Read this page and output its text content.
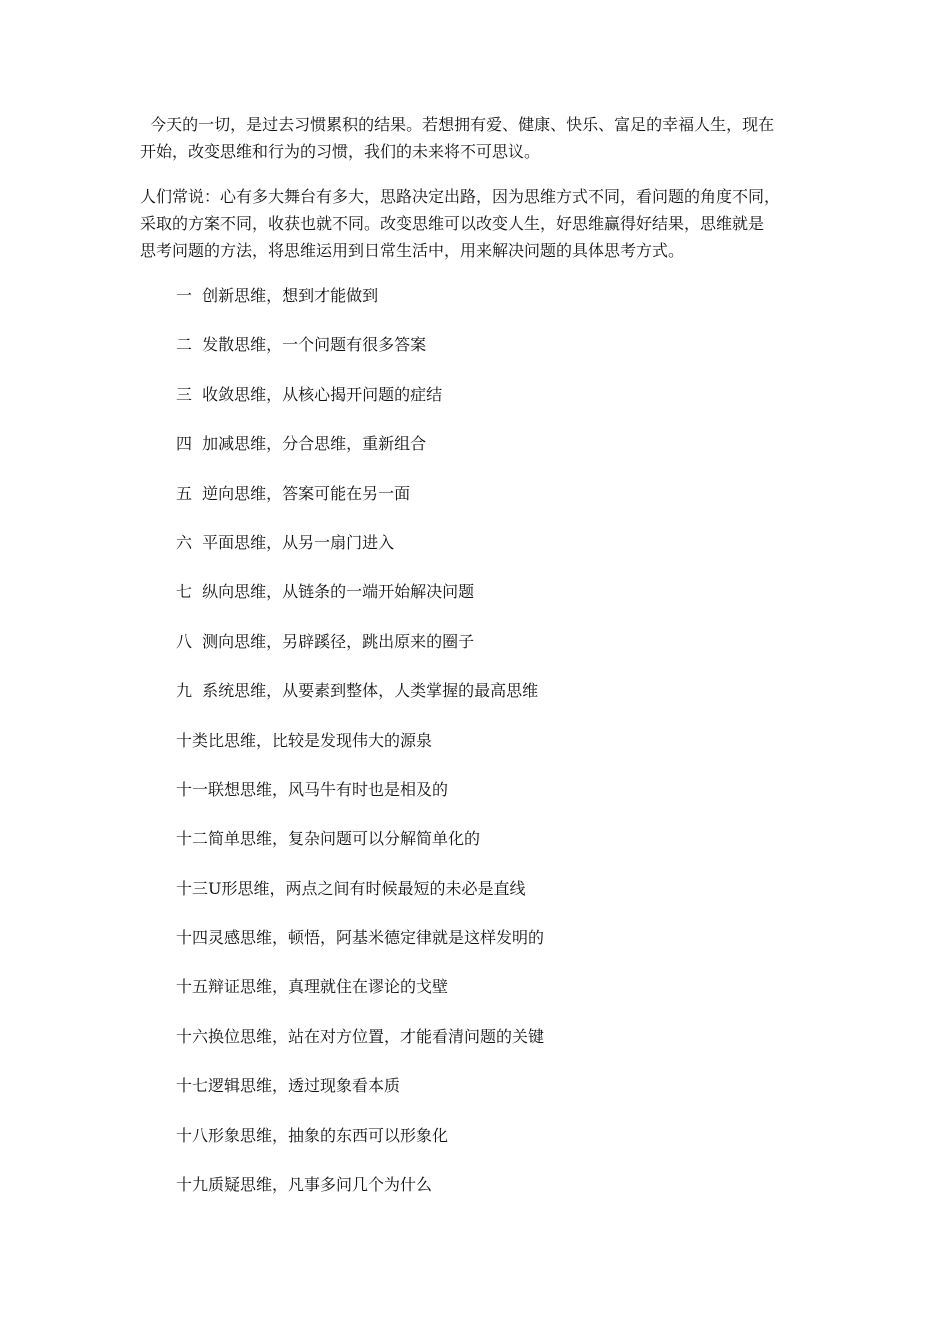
今天的一切，是过去习惯累积的结果。若想拥有爱、健康、快乐、富足的幸福人生，现在
开始，改变思维和行为的习惯，我们的未来将不可思议。

人们常说：心有多大舞台有多大，思路决定出路，因为思维方式不同，看问题的角度不同，
采取的方案不同，收获也就不同。改变思维可以改变人生，好思维赢得好结果，思维就是
思考问题的方法，将思维运用到日常生活中，用来解决问题的具体思考方式。

一  创新思维，想到才能做到
二  发散思维，一个问题有很多答案
三  收敛思维，从核心揭开问题的症结
四  加减思维，分合思维，重新组合
五  逆向思维，答案可能在另一面
六  平面思维，从另一扇门进入
七  纵向思维，从链条的一端开始解决问题
八  测向思维，另辟蹊径，跳出原来的圈子
九  系统思维，从要素到整体，人类掌握的最高思维
十类比思维，比较是发现伟大的源泉
十一联想思维，风马牛有时也是相及的
十二简单思维，复杂问题可以分解简单化的
十三U形思维，两点之间有时候最短的未必是直线
十四灵感思维，顿悟，阿基米德定律就是这样发明的
十五辩证思维，真理就住在谬论的戈壁
十六换位思维，站在对方位置，才能看清问题的关键
十七逻辑思维，透过现象看本质
十八形象思维，抽象的东西可以形象化
十九质疑思维，凡事多问几个为什么
